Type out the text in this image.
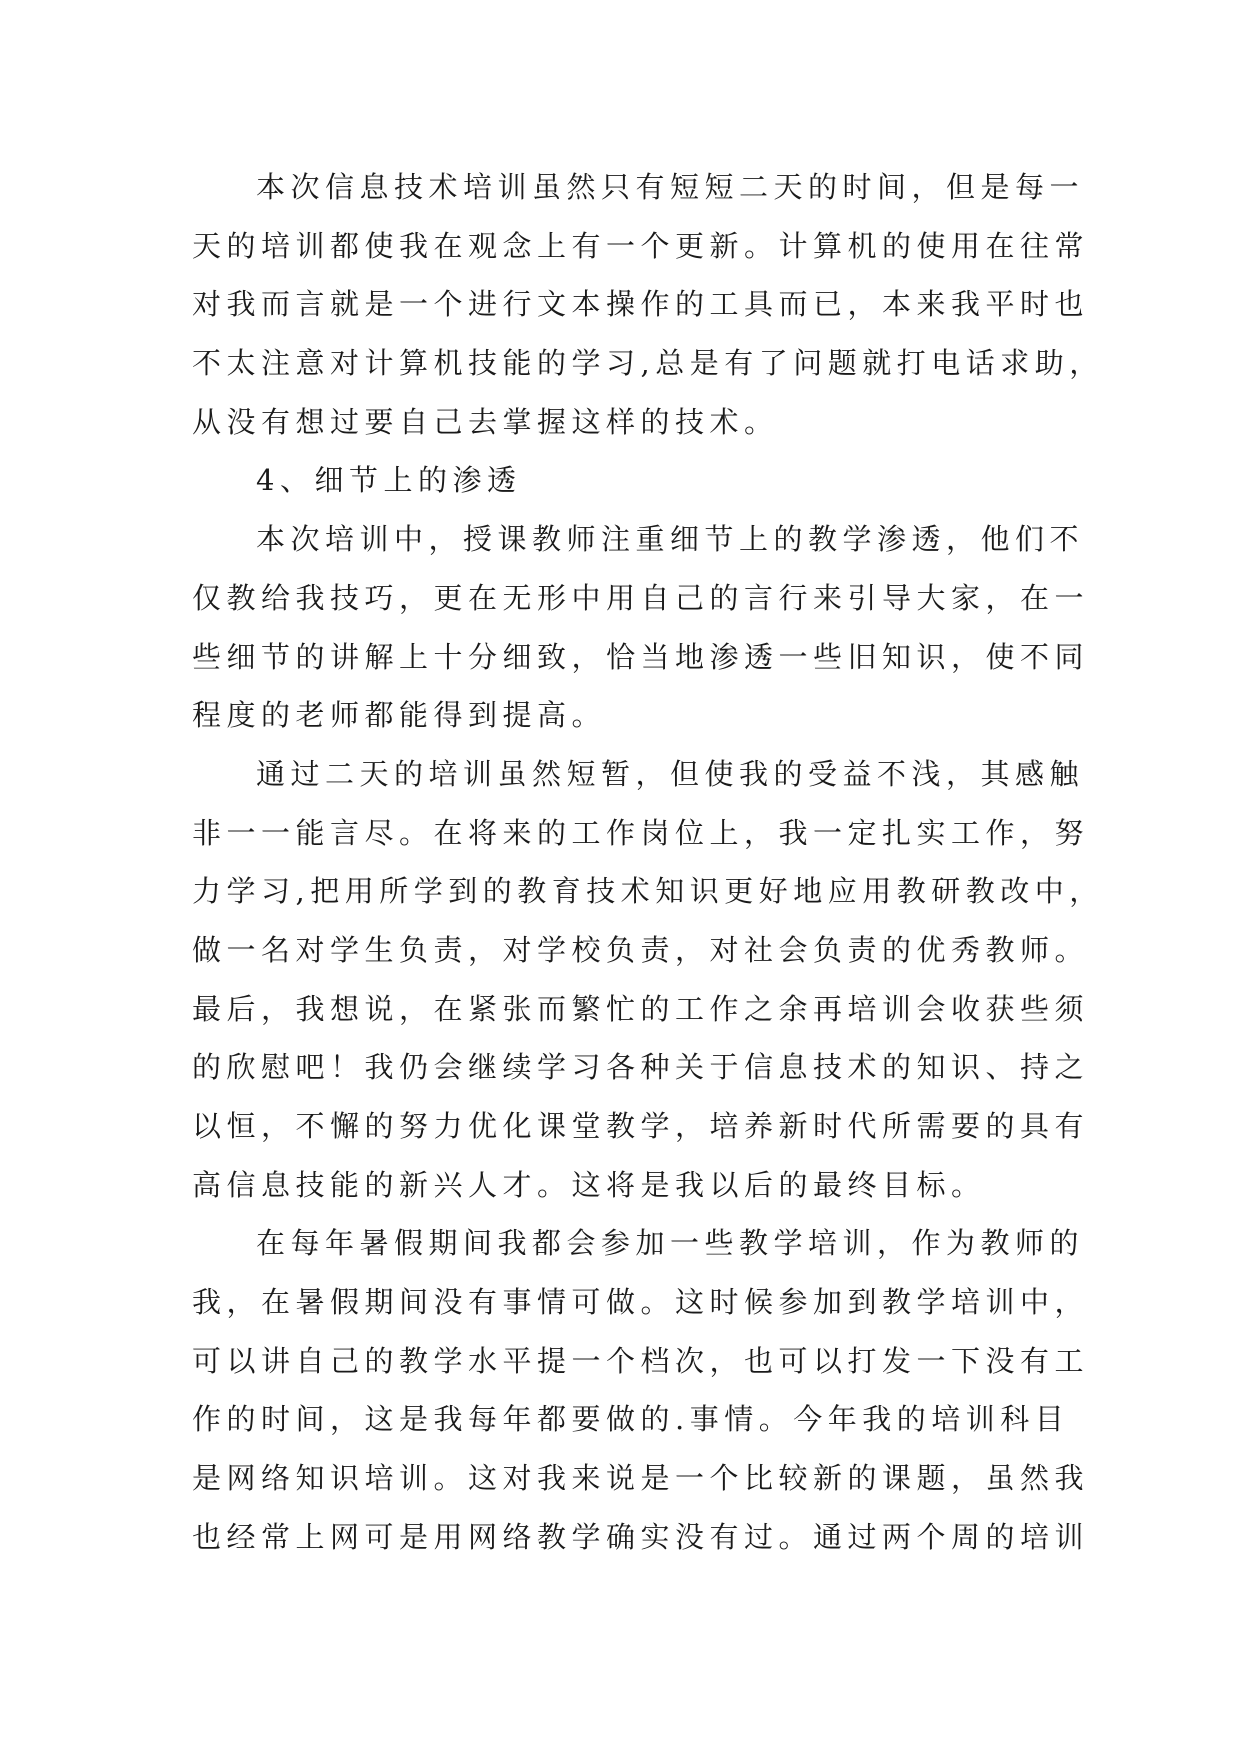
本次信息技术培训虽然只有短短二天的时间，但是每一
天的培训都使我在观念上有一个更新。计算机的使用在往常
对我而言就是一个进行文本操作的工具而已，本来我平时也
不太注意对计算机技能的学习,总是有了问题就打电话求助，
从没有想过要自己去掌握这样的技术。
4、细节上的渗透
本次培训中，授课教师注重细节上的教学渗透，他们不
仅教给我技巧，更在无形中用自己的言行来引导大家，在一
些细节的讲解上十分细致，恰当地渗透一些旧知识，使不同
程度的老师都能得到提高。
通过二天的培训虽然短暂，但使我的受益不浅，其感触
非一一能言尽。在将来的工作岗位上，我一定扎实工作，努
力学习,把用所学到的教育技术知识更好地应用教研教改中，
做一名对学生负责，对学校负责，对社会负责的优秀教师。
最后，我想说，在紧张而繁忙的工作之余再培训会收获些须
的欣慰吧！我仍会继续学习各种关于信息技术的知识、持之
以恒，不懈的努力优化课堂教学，培养新时代所需要的具有
高信息技能的新兴人才。这将是我以后的最终目标。
在每年暑假期间我都会参加一些教学培训，作为教师的
我，在暑假期间没有事情可做。这时候参加到教学培训中，
可以讲自己的教学水平提一个档次，也可以打发一下没有工
作的时间，这是我每年都要做的.事情。今年我的培训科目
是网络知识培训。这对我来说是一个比较新的课题，虽然我
也经常上网可是用网络教学确实没有过。通过两个周的培训
